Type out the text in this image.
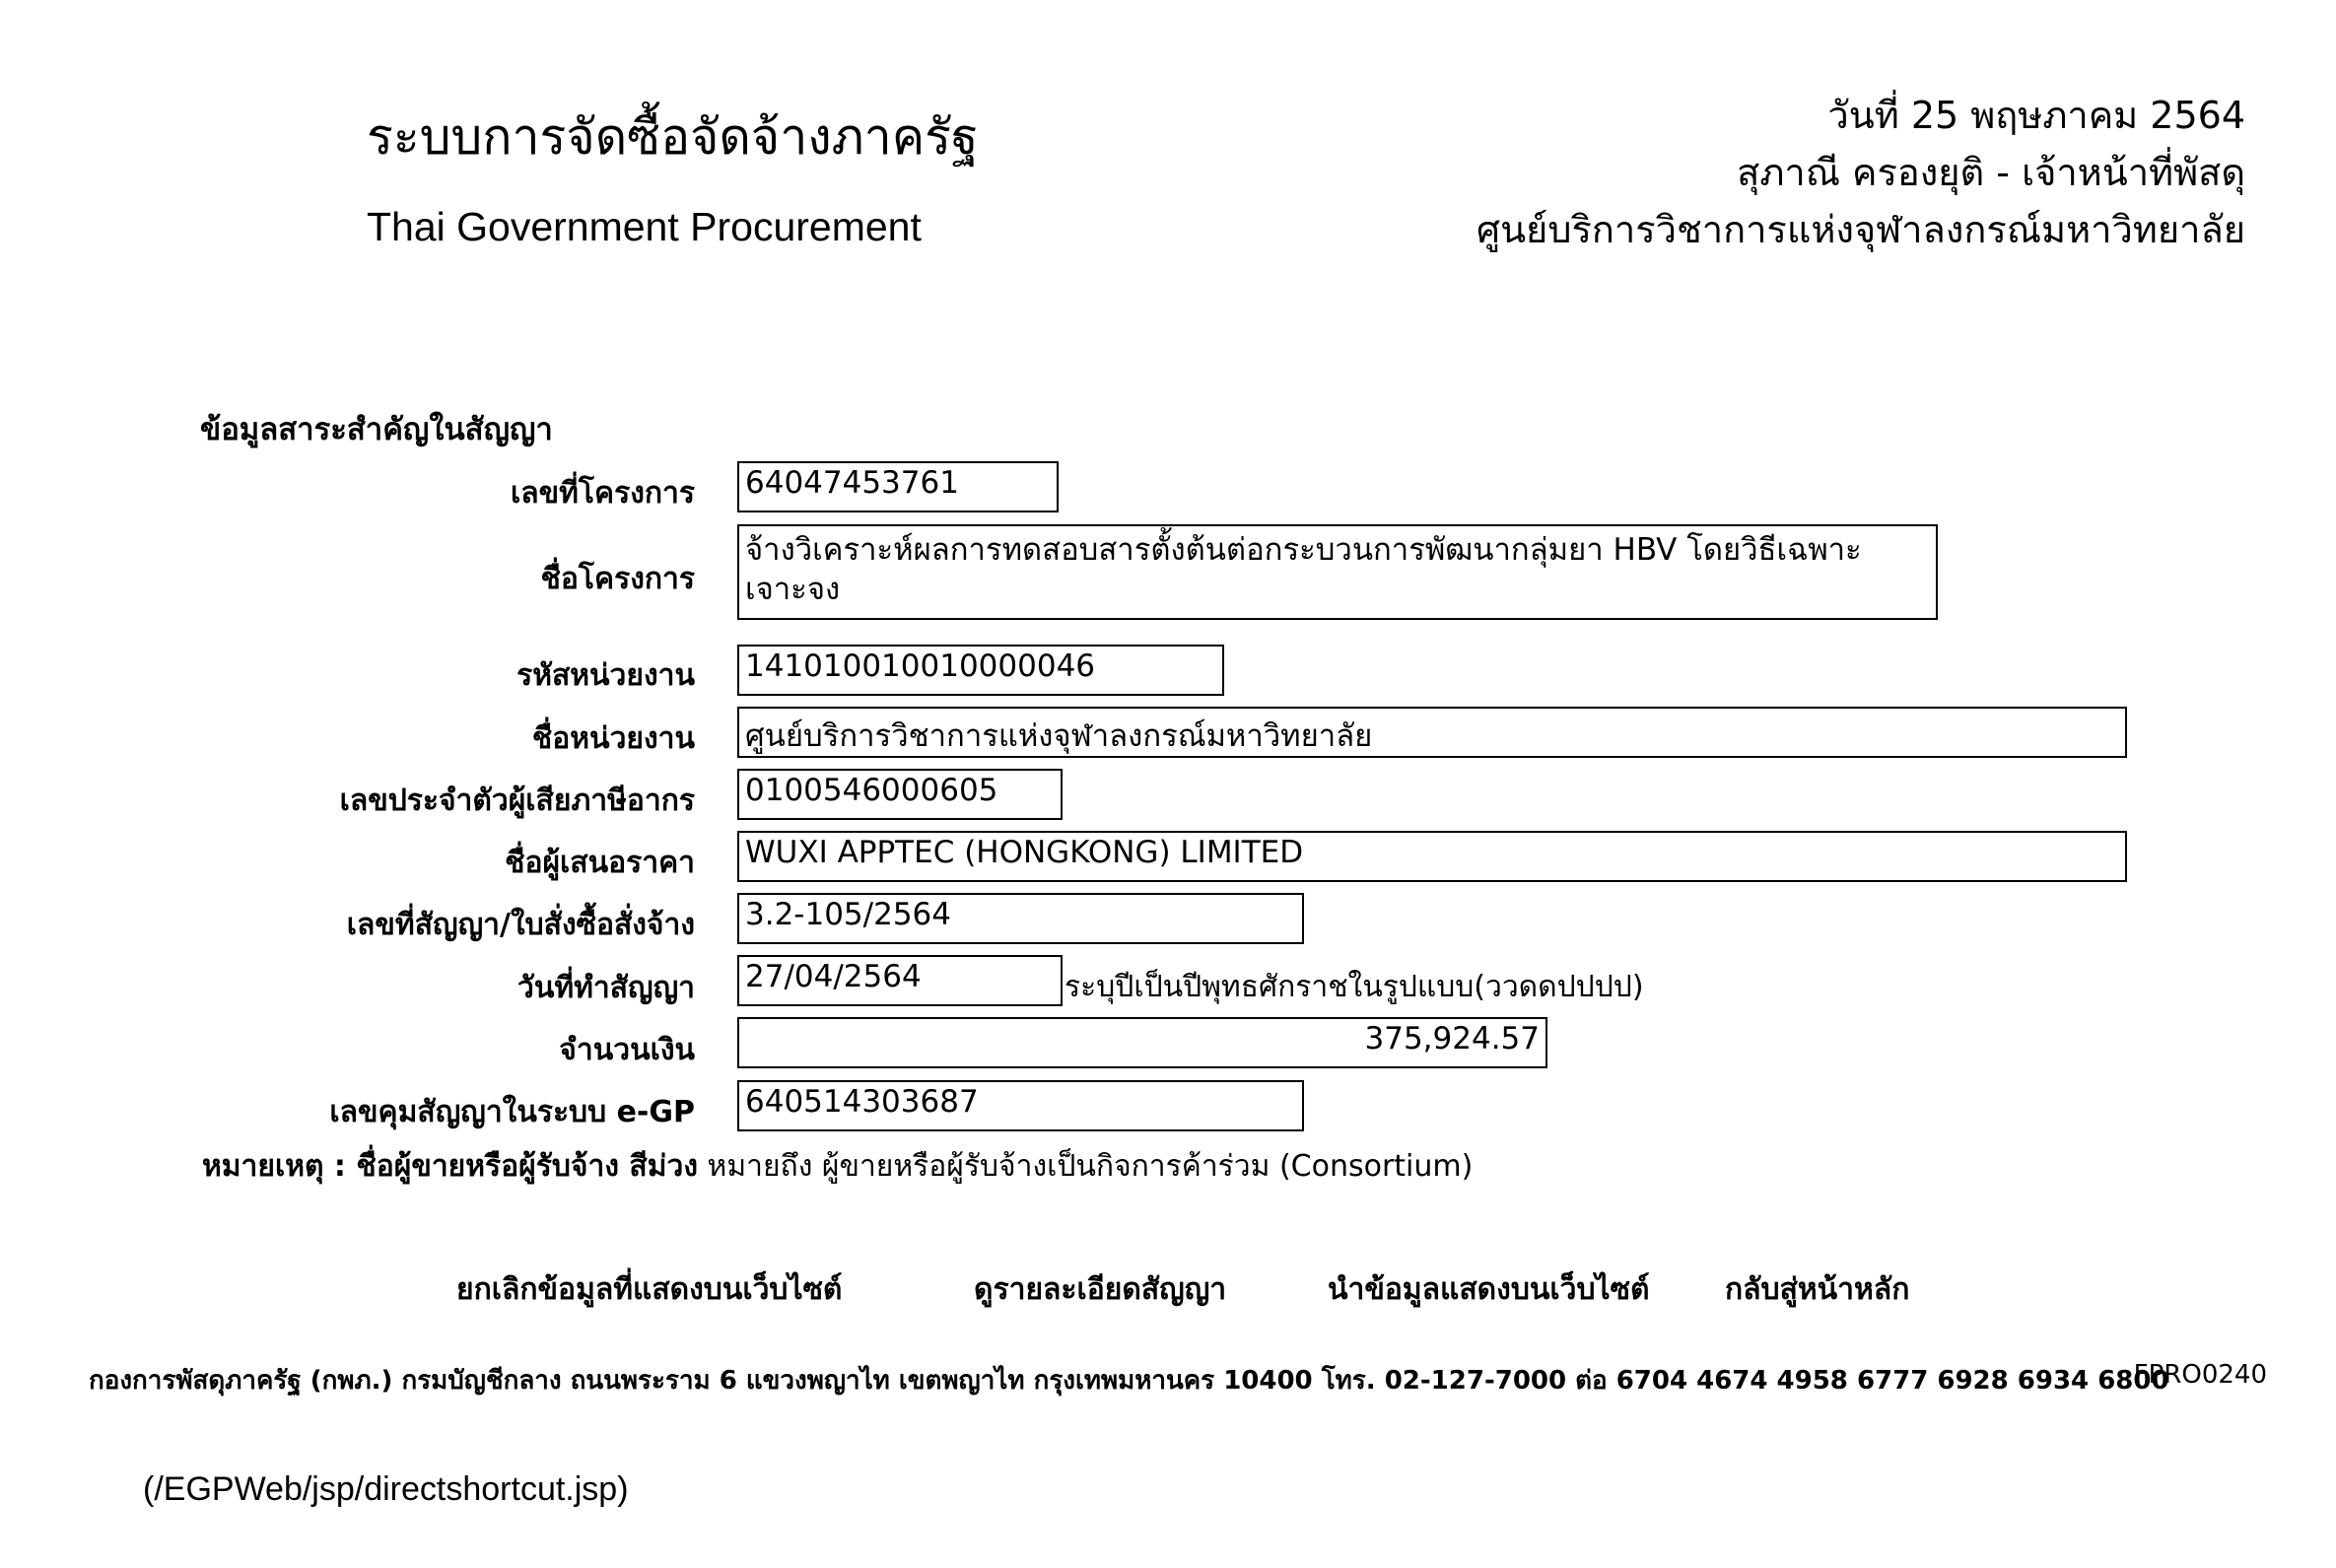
ระบบการจัดซื้อจัดจ้างภาครัฐ
Thai Government Procurement
วันที่ 25 พฤษภาคม 2564
สุภาณี ครองยุติ - เจ้าหน้าที่พัสดุ
ศูนย์บริการวิชาการแห่งจุฬาลงกรณ์มหาวิทยาลัย
ข้อมูลสาระสำคัญในสัญญา
เลขที่โครงการ 64047453761
ชื่อโครงการ
จ้างวิเคราะห์ผลการทดสอบสารตั้งต้นต่อกระบวนการพัฒนากลุ่มยา HBV โดยวิธีเฉพาะเจาะจง
รหัสหน่วยงาน 141010010010000046
ชื่อหน่วยงาน ศูนย์บริการวิชาการแห่งจุฬาลงกรณ์มหาวิทยาลัย
เลขประจำตัวผู้เสียภาษีอากร 0100546000605
ชื่อผู้เสนอราคา WUXI APPTEC (HONGKONG) LIMITED
เลขที่สัญญา/ใบสั่งซื้อสั่งจ้าง 3.2-105/2564
วันที่ทำสัญญา 27/04/2564	ระบุปีเป็นปีพุทธศักราชในรูปแบบ(ววดดปปปป)
จำนวนเงิน	375,924.57
เลขคุมสัญญาในระบบ e-GP 640514303687
หมายเหตุ : ชื่อผู้ขายหรือผู้รับจ้าง สีม่วง หมายถึง ผู้ขายหรือผู้รับจ้างเป็นกิจการค้าร่วม (Consortium)
ยกเลิกข้อมูลที่แสดงบนเว็บไซต์	ดูรายละเอียดสัญญา	นำข้อมูลแสดงบนเว็บไซต์	กลับสู่หน้าหลัก
กองการพัสดุภาครัฐ (กพภ.) กรมบัญชีกลาง ถนนพระราม 6 แขวงพญาไท เขตพญาไท กรุงเทพมหานคร 10400 โทร. 02-127-7000 ต่อ 6704 4674 4958 6777 6928 6934 6800
FPRO0240
(/EGPWeb/jsp/directshortcut.jsp)
